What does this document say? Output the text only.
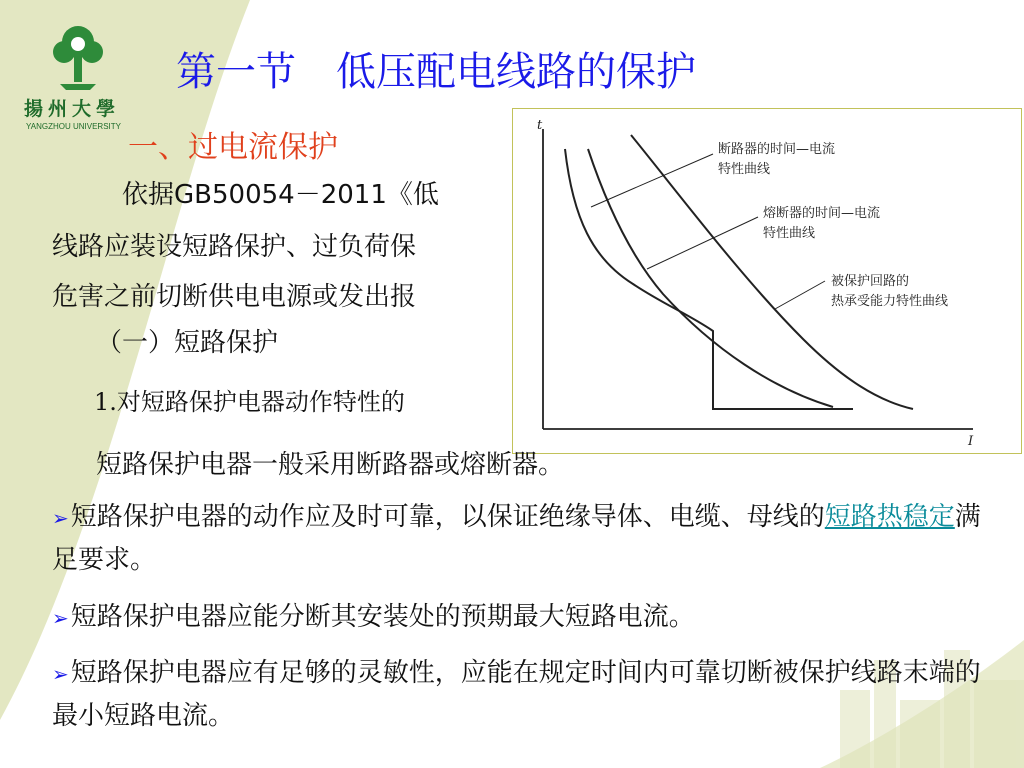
揚州大學
YANGZHOU UNIVERSITY
第一节　低压配电线路的保护
一、过电流保护
依据GB50054－2011《低
线路应装设短路保护、过负荷保
危害之前切断供电电源或发出报
（一）短路保护
1.对短路保护电器动作特性的
t
I
断路器的时间—电流 特性曲线
熔断器的时间—电流 特性曲线
被保护回路的 热承受能力特性曲线
短路保护电器一般采用断路器或熔断器。
➢短路保护电器的动作应及时可靠，以保证绝缘导体、电缆、母线的短路热稳定满足要求。
➢短路保护电器应能分断其安装处的预期最大短路电流。
➢短路保护电器应有足够的灵敏性，应能在规定时间内可靠切断被保护线路末端的最小短路电流。
